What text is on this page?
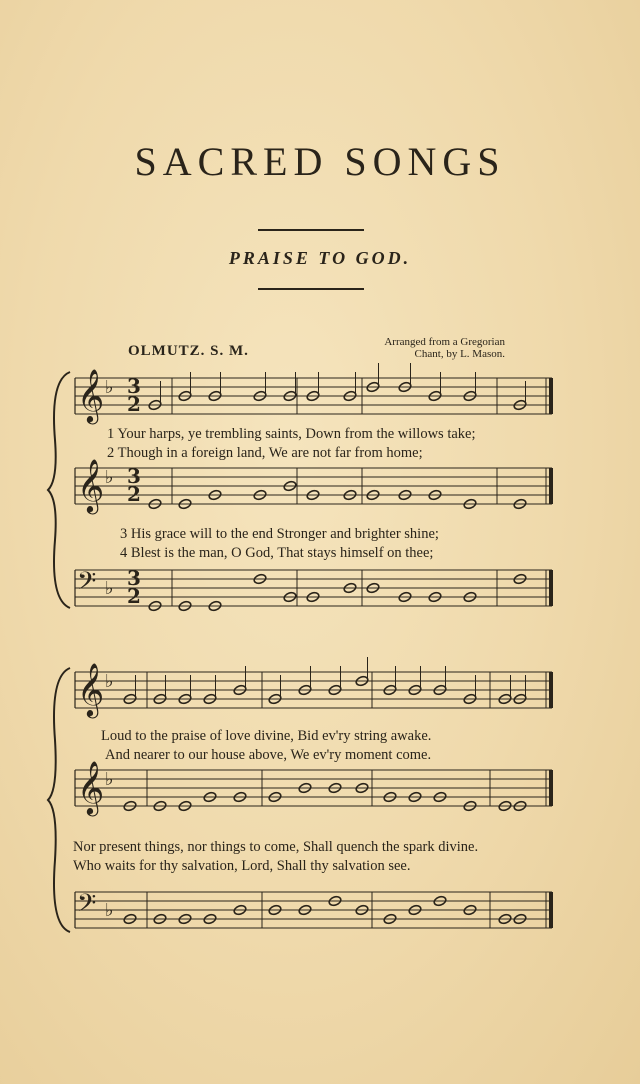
SACRED SONGS
PRAISE TO GOD.
OLMUTZ. S. M.
Arranged from a Gregorian
Chant, by L. Mason.
𝄞 ♭ 3
2
𝄞 ♭ 3
2
𝄢 ♭ 3
2
𝄞 ♭
𝄞 ♭
𝄢 ♭
1 Your harps, ye trembling saints, Down from the willows take;
2 Though in a foreign land, We are not far from home;
3 His grace will to the end Stronger and brighter shine;
4 Blest is the man, O God, That stays himself on thee;
Loud to the praise of love divine, Bid ev'ry string awake.
And nearer to our house above, We ev'ry moment come.
Nor present things, nor things to come, Shall quench the spark divine.
Who waits for thy salvation, Lord, Shall thy salvation see.
